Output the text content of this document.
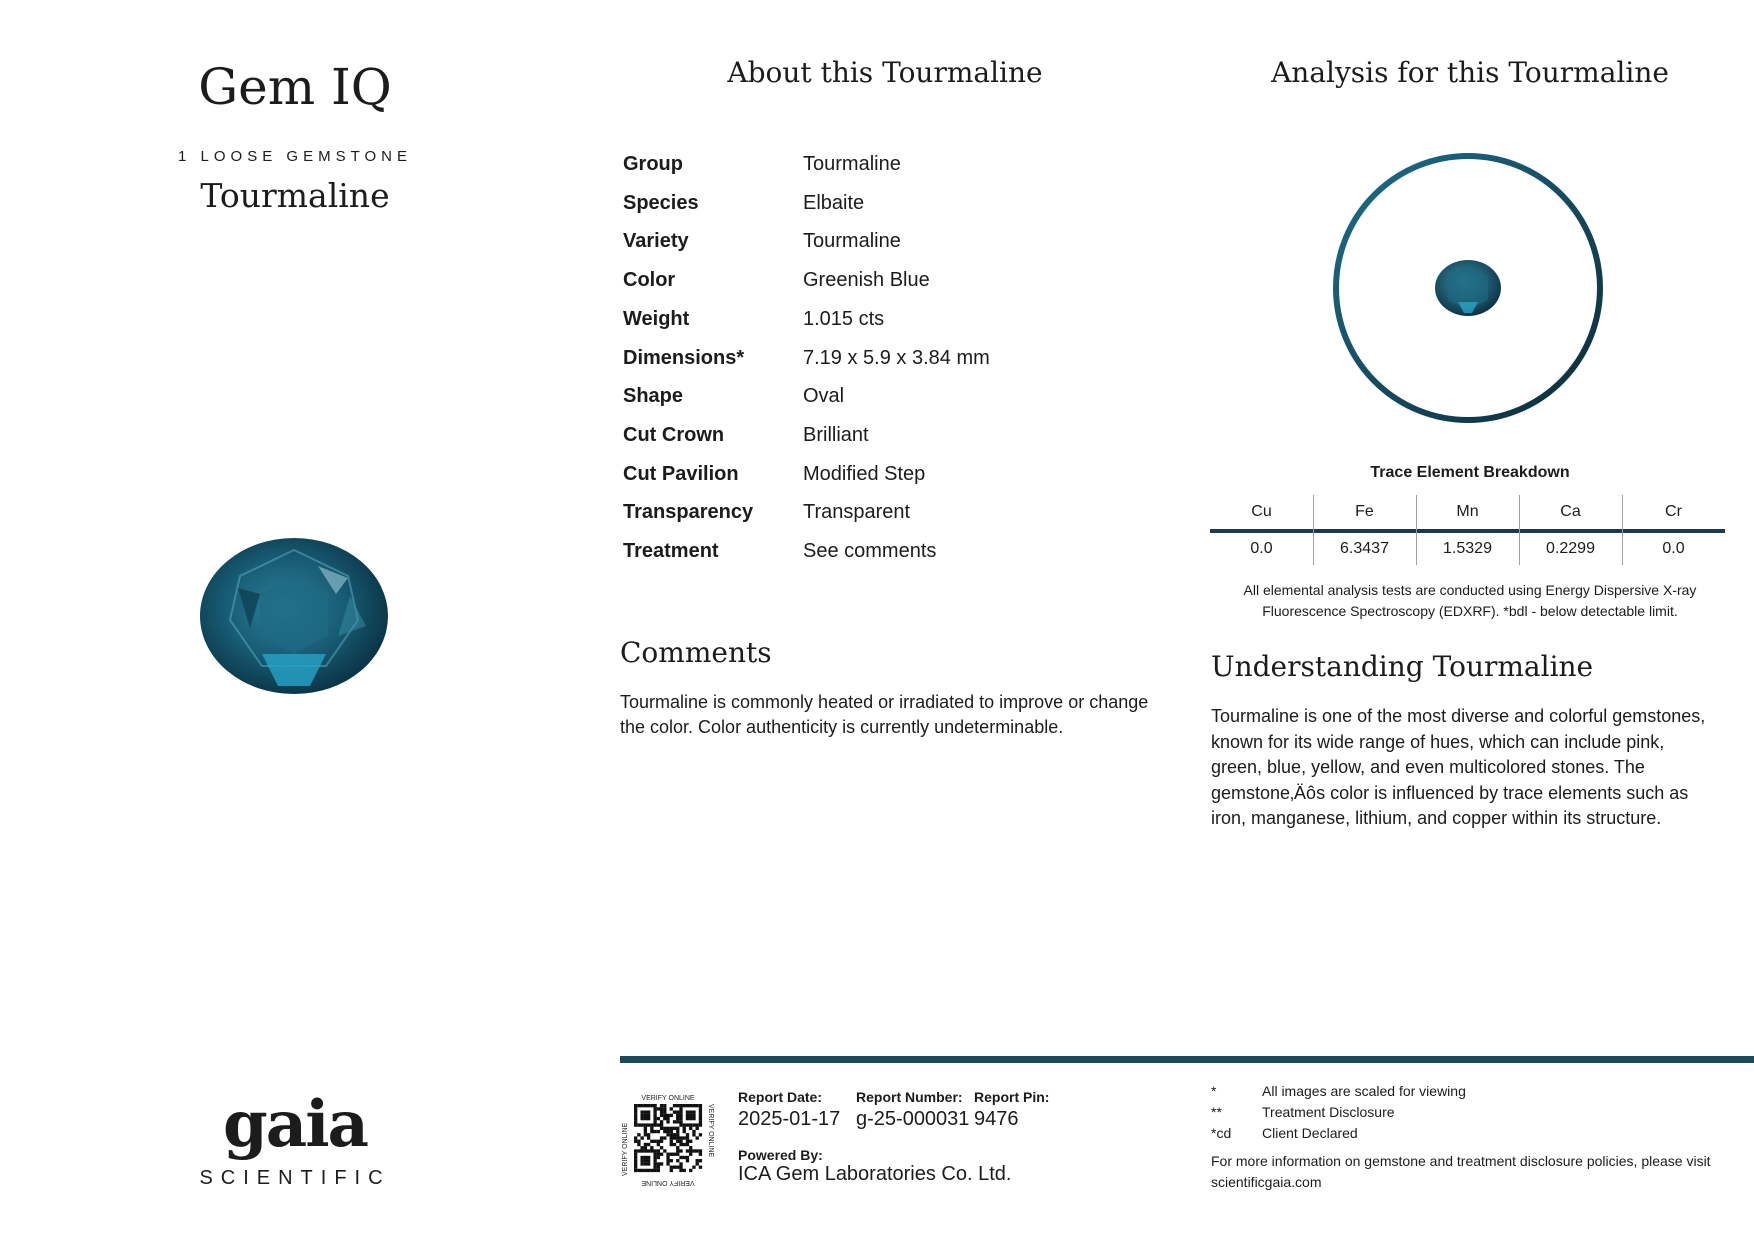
Gem IQ
1 LOOSE GEMSTONE
Tourmaline
gaia
SCIENTIFIC
About this Tourmaline
Group	Tourmaline
Species	Elbaite
Variety	Tourmaline
Color	Greenish Blue
Weight	1.015 cts
Dimensions*	7.19 x 5.9 x 3.84 mm
Shape	Oval
Cut Crown	Brilliant
Cut Pavilion	Modified Step
Transparency Transparent
Treatment	See comments
Comments
Tourmaline is commonly heated or irradiated to improve or change the color. Color authenticity is currently undeterminable.
Analysis for this Tourmaline
Trace Element Breakdown
Cu	Fe	Mn	Ca	Cr
0.0	6.3437	1.5329	0.2299	0.0
All elemental analysis tests are conducted using Energy Dispersive X-ray Fluorescence Spectroscopy (EDXRF). *bdl - below detectable limit.
Understanding Tourmaline
Tourmaline is one of the most diverse and colorful gemstones, known for its wide range of hues, which can include pink, green, blue, yellow, and even multicolored stones. The gemstone‚Äôs color is influenced by trace elements such as iron, manganese, lithium, and copper within its structure.
VERIFY ONLINE
VERIFY ONLINE
VERIFY ONLINE	VERIFY ONLINE
Report Date:
2025-01-17
Report Number:
g-25-000031
Report Pin:
9476
Powered By:
ICA Gem Laboratories Co. Ltd.
*	All images are scaled for viewing
**	Treatment Disclosure
*cd Client Declared
For more information on gemstone and treatment disclosure policies, please visit scientificgaia.com
